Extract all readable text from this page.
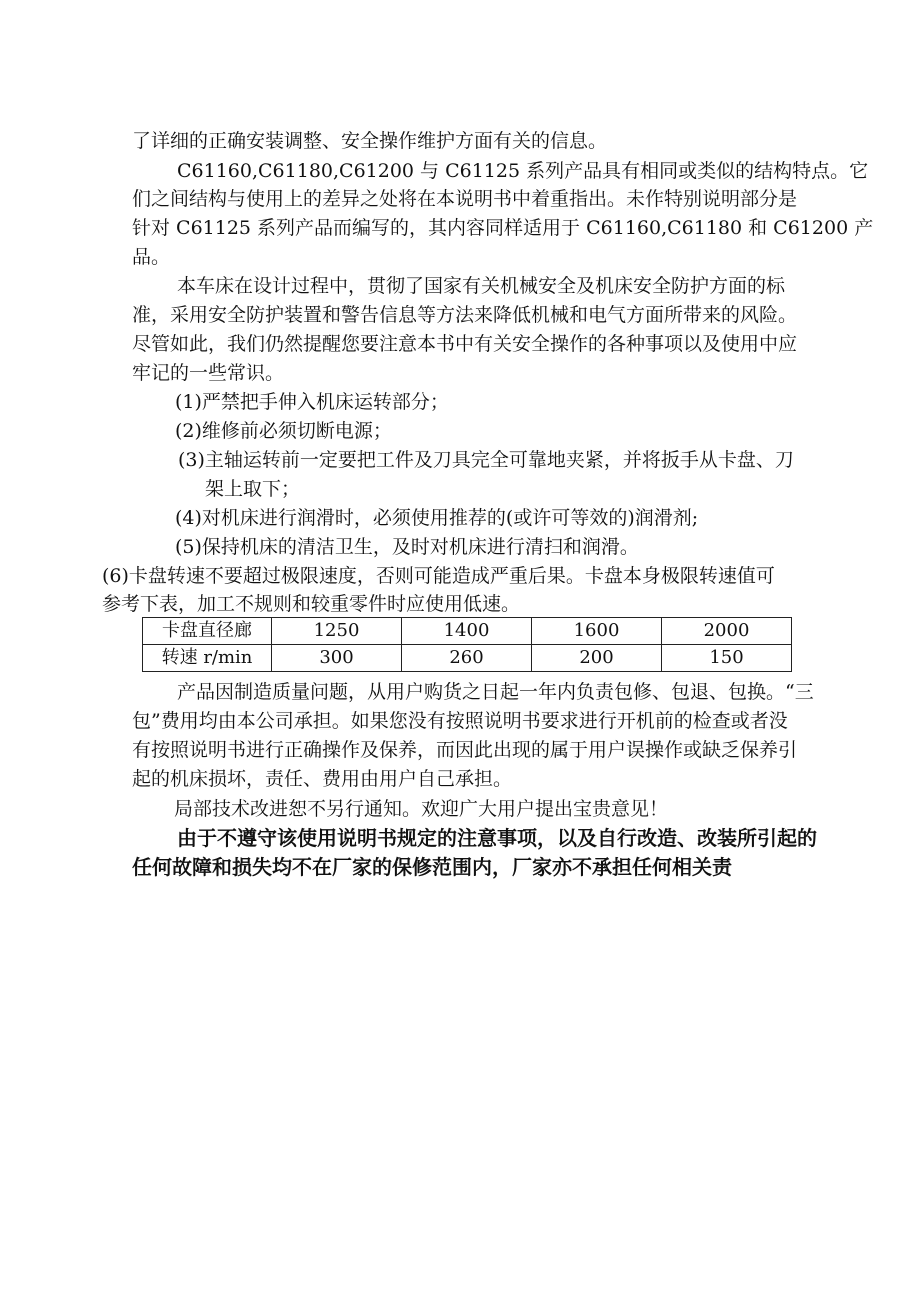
了详细的正确安装调整、安全操作维护方面有关的信息。
C61160,C61180,C61200 与 C61125 系列产品具有相同或类似的结构特点。它
们之间结构与使用上的差异之处将在本说明书中着重指出。未作特别说明部分是
针对 C61125 系列产品而编写的，其内容同样适用于 C61160,C61180 和 C61200 产
品。
本车床在设计过程中，贯彻了国家有关机械安全及机床安全防护方面的标
准，采用安全防护装置和警告信息等方法来降低机械和电气方面所带来的风险。
尽管如此，我们仍然提醒您要注意本书中有关安全操作的各种事项以及使用中应
牢记的一些常识。
(1)严禁把手伸入机床运转部分；
(2)维修前必须切断电源；
(3)主轴运转前一定要把工件及刀具完全可靠地夹紧，并将扳手从卡盘、刀
架上取下；
(4)对机床进行润滑时，必须使用推荐的(或许可等效的)润滑剂;
(5)保持机床的清洁卫生，及时对机床进行清扫和润滑。
(6)卡盘转速不要超过极限速度，否则可能造成严重后果。卡盘本身极限转速值可
参考下表，加工不规则和较重零件时应使用低速。
卡盘直径廊	1250	1400	1600	2000
转速 r/min	300	260	200	150
产品因制造质量问题，从用户购货之日起一年内负责包修、包退、包换。“三
包”费用均由本公司承担。如果您没有按照说明书要求进行开机前的检查或者没
有按照说明书进行正确操作及保养，而因此出现的属于用户误操作或缺乏保养引
起的机床损坏，责任、费用由用户自己承担。
局部技术改进恕不另行通知。欢迎广大用户提出宝贵意见！
由于不遵守该使用说明书规定的注意事项，以及自行改造、改装所引起的
任何故障和损失均不在厂家的保修范围内，厂家亦不承担任何相关责
